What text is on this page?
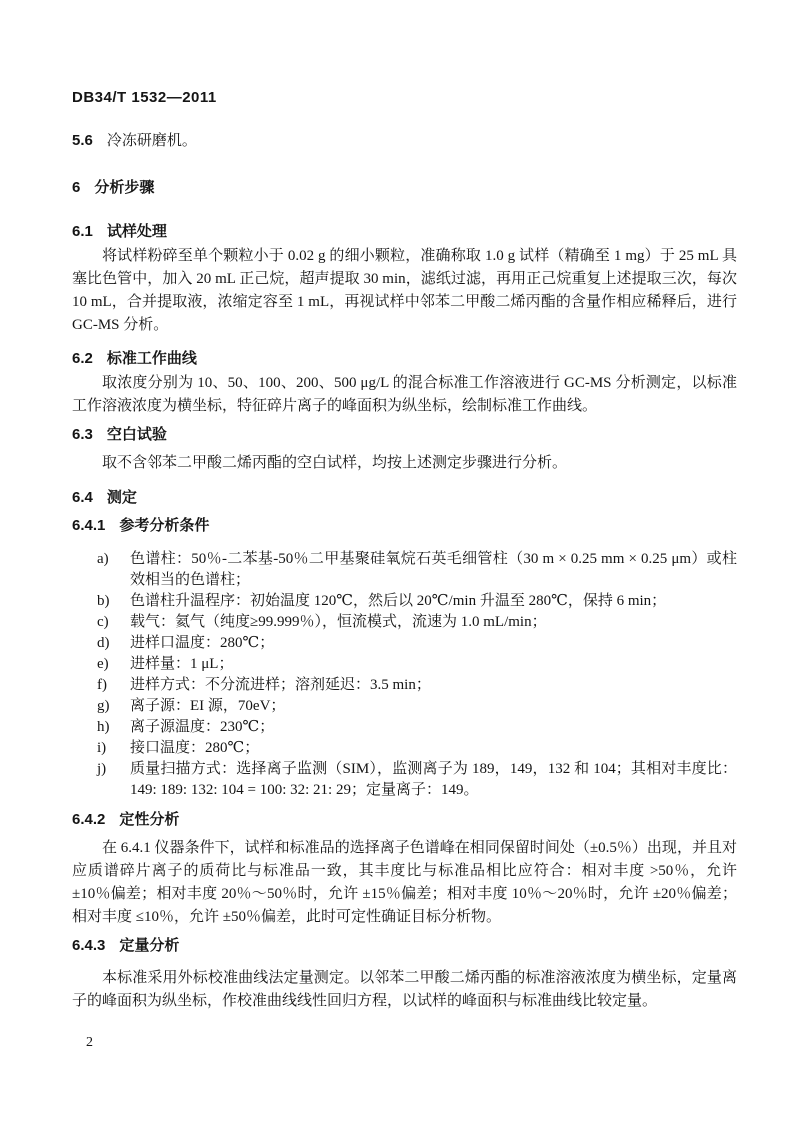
DB34/T 1532—2011
5.6 冷冻研磨机。
6 分析步骤
6.1 试样处理
将试样粉碎至单个颗粒小于 0.02 g 的细小颗粒，准确称取 1.0 g 试样（精确至 1 mg）于 25 mL 具塞比色管中，加入 20 mL 正己烷，超声提取 30 min，滤纸过滤，再用正己烷重复上述提取三次，每次 10 mL，合并提取液，浓缩定容至 1 mL，再视试样中邻苯二甲酸二烯丙酯的含量作相应稀释后，进行 GC-MS 分析。
6.2 标准工作曲线
取浓度分别为 10、50、100、200、500 μg/L 的混合标准工作溶液进行 GC-MS 分析测定，以标准工作溶液浓度为横坐标，特征碎片离子的峰面积为纵坐标，绘制标准工作曲线。
6.3 空白试验
取不含邻苯二甲酸二烯丙酯的空白试样，均按上述测定步骤进行分析。
6.4 测定
6.4.1 参考分析条件
a) 色谱柱：50％-二苯基-50％二甲基聚硅氧烷石英毛细管柱（30 m × 0.25 mm × 0.25 μm）或柱效相当的色谱柱；
b) 色谱柱升温程序：初始温度 120℃，然后以 20℃/min 升温至 280℃，保持 6 min；
c) 载气：氦气（纯度≥99.999％），恒流模式，流速为 1.0 mL/min；
d) 进样口温度：280℃；
e) 进样量：1 μL；
f) 进样方式：不分流进样；溶剂延迟：3.5 min；
g) 离子源：EI 源，70eV；
h) 离子源温度：230℃；
i) 接口温度：280℃；
j) 质量扫描方式：选择离子监测（SIM），监测离子为 189，149，132 和 104；其相对丰度比：149: 189: 132: 104 = 100: 32: 21: 29；定量离子：149。
6.4.2 定性分析
在 6.4.1 仪器条件下，试样和标准品的选择离子色谱峰在相同保留时间处（±0.5％）出现，并且对应质谱碎片离子的质荷比与标准品一致，其丰度比与标准品相比应符合：相对丰度 >50％，允许 ±10％偏差；相对丰度 20％～50％时，允许 ±15％偏差；相对丰度 10％～20％时，允许 ±20％偏差；相对丰度 ≤10％，允许 ±50％偏差，此时可定性确证目标分析物。
6.4.3 定量分析
本标准采用外标校准曲线法定量测定。以邻苯二甲酸二烯丙酯的标准溶液浓度为横坐标，定量离子的峰面积为纵坐标，作校准曲线线性回归方程，以试样的峰面积与标准曲线比较定量。
2
